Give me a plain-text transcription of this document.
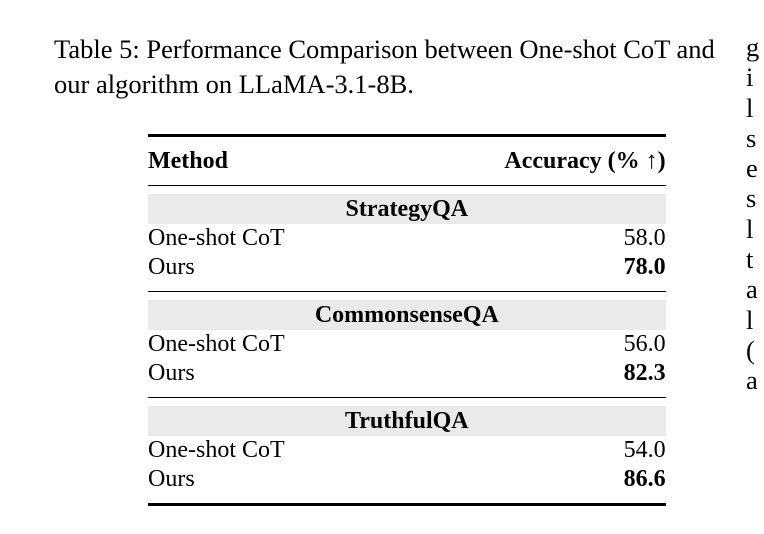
Table 5: Performance Comparison between One-shot CoT and our algorithm on LLaMA-3.1-8B.

g
i
l
s
e
s
l
t
a
l
(
a

Method	Accuracy (% ↑)

StrategyQA	
One-shot CoT	58.0
Ours	78.0

CommonsenseQA	
One-shot CoT	56.0
Ours	82.3

TruthfulQA	
One-shot CoT	54.0
Ours	86.6
